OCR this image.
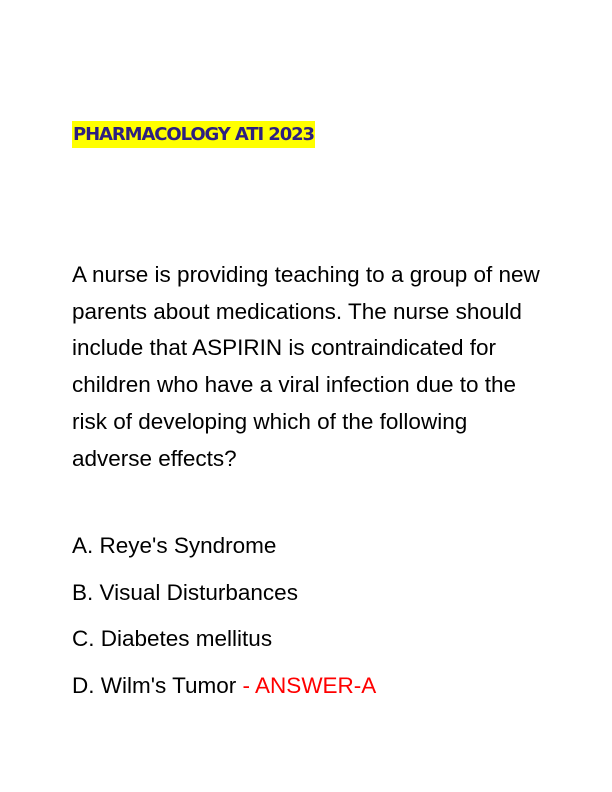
PHARMACOLOGY ATI 2023
A nurse is providing teaching to a group of new parents about medications. The nurse should include that ASPIRIN is contraindicated for children who have a viral infection due to the risk of developing which of the following adverse effects?
A. Reye's Syndrome
B. Visual Disturbances
C. Diabetes mellitus
D. Wilm's Tumor - ANSWER-A
